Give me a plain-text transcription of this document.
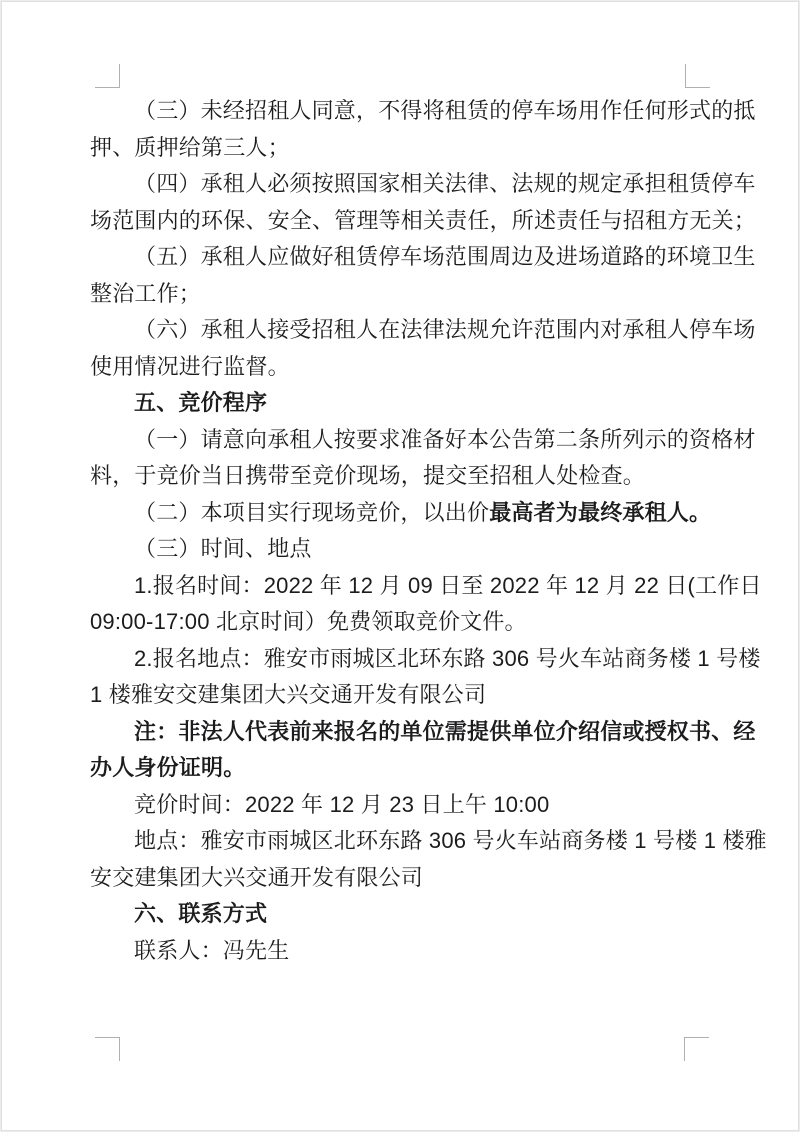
（三）未经招租人同意，不得将租赁的停车场用作任何形式的抵
押、质押给第三人；
（四）承租人必须按照国家相关法律、法规的规定承担租赁停车
场范围内的环保、安全、管理等相关责任，所述责任与招租方无关；
（五）承租人应做好租赁停车场范围周边及进场道路的环境卫生
整治工作；
（六）承租人接受招租人在法律法规允许范围内对承租人停车场
使用情况进行监督。
五、竞价程序
（一）请意向承租人按要求准备好本公告第二条所列示的资格材
料，于竞价当日携带至竞价现场，提交至招租人处检查。
（二）本项目实行现场竞价，以出价最高者为最终承租人。
（三）时间、地点
1.报名时间：2022 年 12 月 09 日至 2022 年 12 月 22 日(工作日
09:00-17:00 北京时间）免费领取竞价文件。
2.报名地点：雅安市雨城区北环东路 306 号火车站商务楼 1 号楼
1 楼雅安交建集团大兴交通开发有限公司
注：非法人代表前来报名的单位需提供单位介绍信或授权书、经
办人身份证明。
竞价时间：2022 年 12 月 23 日上午 10:00
地点：雅安市雨城区北环东路 306 号火车站商务楼 1 号楼 1 楼雅
安交建集团大兴交通开发有限公司
六、联系方式
联系人：冯先生
